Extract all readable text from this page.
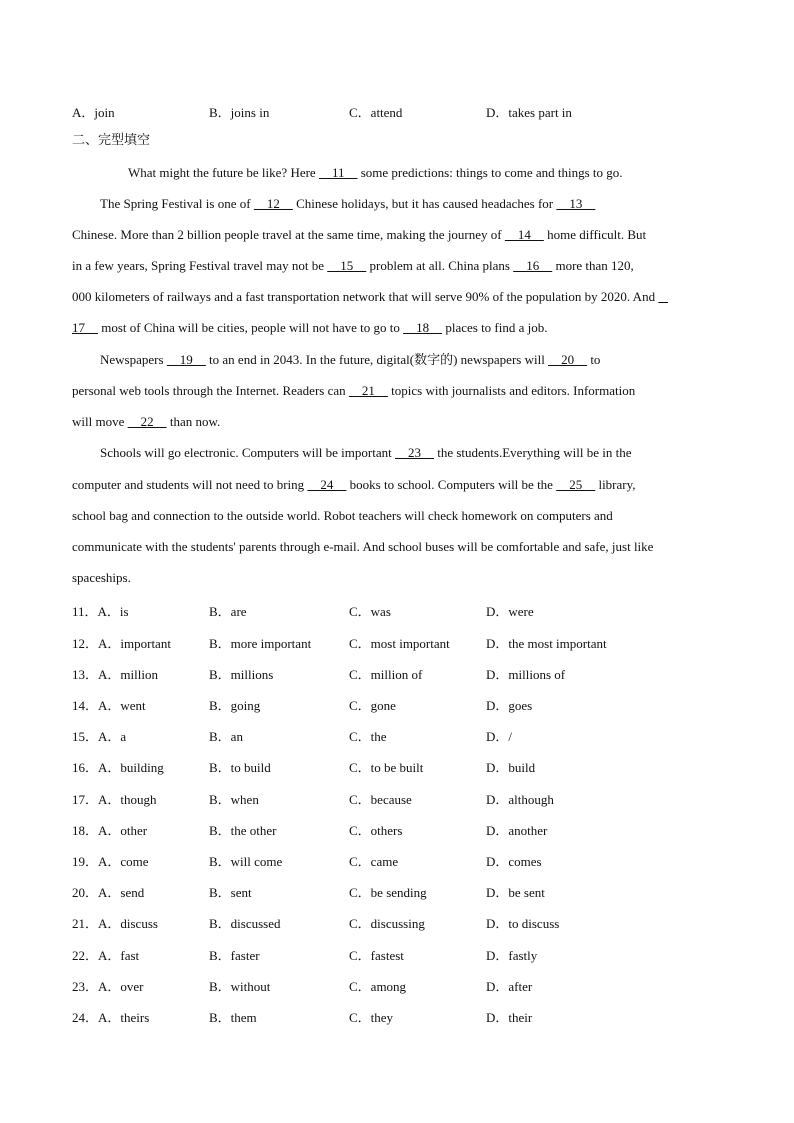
A．join	B．joins in	C．attend	D．takes part in
二、完型填空
What might the future be like? Here     11     some predictions: things to come and things to go.
The Spring Festival is one of     12     Chinese holidays, but it has caused headaches for     13
Chinese. More than 2 billion people travel at the same time, making the journey of     14     home difficult. But
in a few years, Spring Festival travel may not be     15     problem at all. China plans     16     more than 120,
000 kilometers of railways and a fast transportation network that will serve 90% of the population by 2020. And
17     most of China will be cities, people will not have to go to     18     places to find a job.
Newspapers     19     to an end in 2043. In the future, digital(数字的) newspapers will     20     to
personal web tools through the Internet. Readers can     21     topics with journalists and editors. Information
will move     22     than now.
Schools will go electronic. Computers will be important     23     the students.Everything will be in the
computer and students will not need to bring     24     books to school. Computers will be the     25     library,
school bag and connection to the outside world. Robot teachers will check homework on computers and
communicate with the students' parents through e-mail. And school buses will be comfortable and safe, just like
spaceships.
11．A．is	B．are	C．was	D．were
12．A．important	B．more important	C．most important	D．the most important
13．A．million	B．millions	C．million of	D．millions of
14．A．went	B．going	C．gone	D．goes
15．A．a	B．an	C．the	D．/
16．A．building	B．to build	C．to be built	D．build
17．A．though	B．when	C．because	D．although
18．A．other	B．the other	C．others	D．another
19．A．come	B．will come	C．came	D．comes
20．A．send	B．sent	C．be sending	D．be sent
21．A．discuss	B．discussed	C．discussing	D．to discuss
22．A．fast	B．faster	C．fastest	D．fastly
23．A．over	B．without	C．among	D．after
24．A．theirs	B．them	C．they	D．their
